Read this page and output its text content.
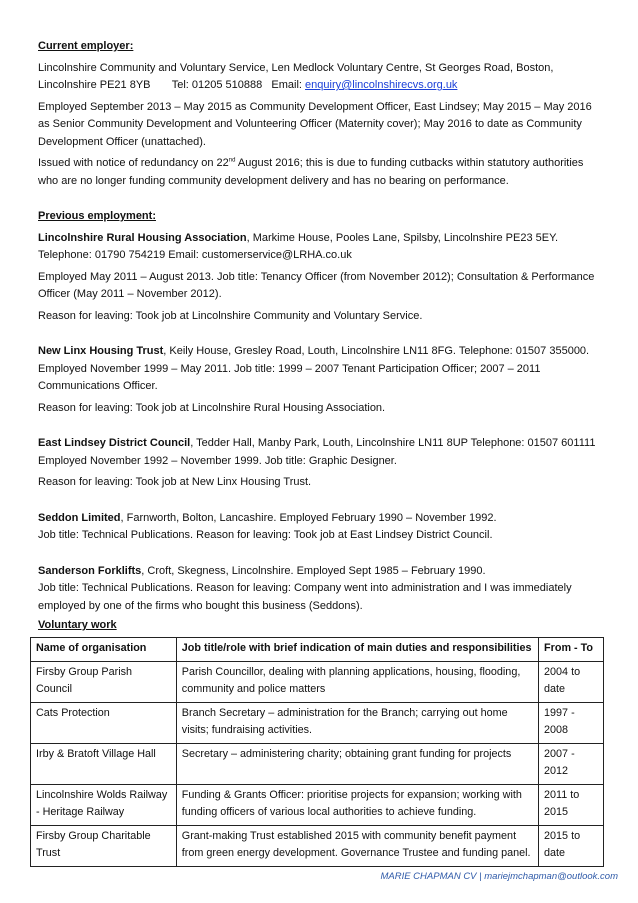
Current employer:

Lincolnshire Community and Voluntary Service, Len Medlock Voluntary Centre, St Georges Road, Boston,
Lincolnshire PE21 8YB       Tel: 01205 510888   Email: enquiry@lincolnshirecvs.org.uk

Employed September 2013 – May 2015 as Community Development Officer, East Lindsey; May 2015 – May 2016 as Senior Community Development and Volunteering Officer (Maternity cover); May 2016 to date as Community Development Officer (unattached).

Issued with notice of redundancy on 22nd August 2016; this is due to funding cutbacks within statutory authorities who are no longer funding community development delivery and has no bearing on performance.

Previous employment:

Lincolnshire Rural Housing Association, Markime House, Pooles Lane, Spilsby, Lincolnshire PE23 5EY. Telephone: 01790 754219 Email: customerservice@LRHA.co.uk

Employed May 2011 – August 2013. Job title: Tenancy Officer (from November 2012); Consultation & Performance Officer (May 2011 – November 2012).

Reason for leaving: Took job at Lincolnshire Community and Voluntary Service.

New Linx Housing Trust, Keily House, Gresley Road, Louth, Lincolnshire LN11 8FG. Telephone: 01507 355000.

Employed November 1999 – May 2011. Job title: 1999 – 2007 Tenant Participation Officer; 2007 – 2011 Communications Officer.

Reason for leaving: Took job at Lincolnshire Rural Housing Association.

East Lindsey District Council, Tedder Hall, Manby Park, Louth, Lincolnshire LN11 8UP Telephone: 01507 601111

Employed November 1992 – November 1999. Job title: Graphic Designer.

Reason for leaving: Took job at New Linx Housing Trust.

Seddon Limited, Farnworth, Bolton, Lancashire. Employed February 1990 – November 1992.

Job title: Technical Publications. Reason for leaving: Took job at East Lindsey District Council.

Sanderson Forklifts, Croft, Skegness, Lincolnshire. Employed Sept 1985 – February 1990.

Job title: Technical Publications. Reason for leaving: Company went into administration and I was immediately employed by one of the firms who bought this business (Seddons).

Voluntary work
Name of organisation	Job title/role with brief indication of main duties and responsibilities	From - To
Firsby Group Parish Council	Parish Councillor, dealing with planning applications, housing, flooding, community and police matters	2004 to date
Cats Protection	Branch Secretary – administration for the Branch; carrying out home visits; fundraising activities.	1997 - 2008
Irby & Bratoft Village Hall	Secretary – administering charity; obtaining grant funding for projects	2007 - 2012
Lincolnshire Wolds Railway - Heritage Railway	Funding & Grants Officer: prioritise projects for expansion; working with funding officers of various local authorities to achieve funding.	2011 to 2015
Firsby Group Charitable Trust	Grant-making Trust established 2015 with community benefit payment from green energy development. Governance Trustee and funding panel.	2015 to date
MARIE CHAPMAN CV | mariejmchapman@outlook.com
